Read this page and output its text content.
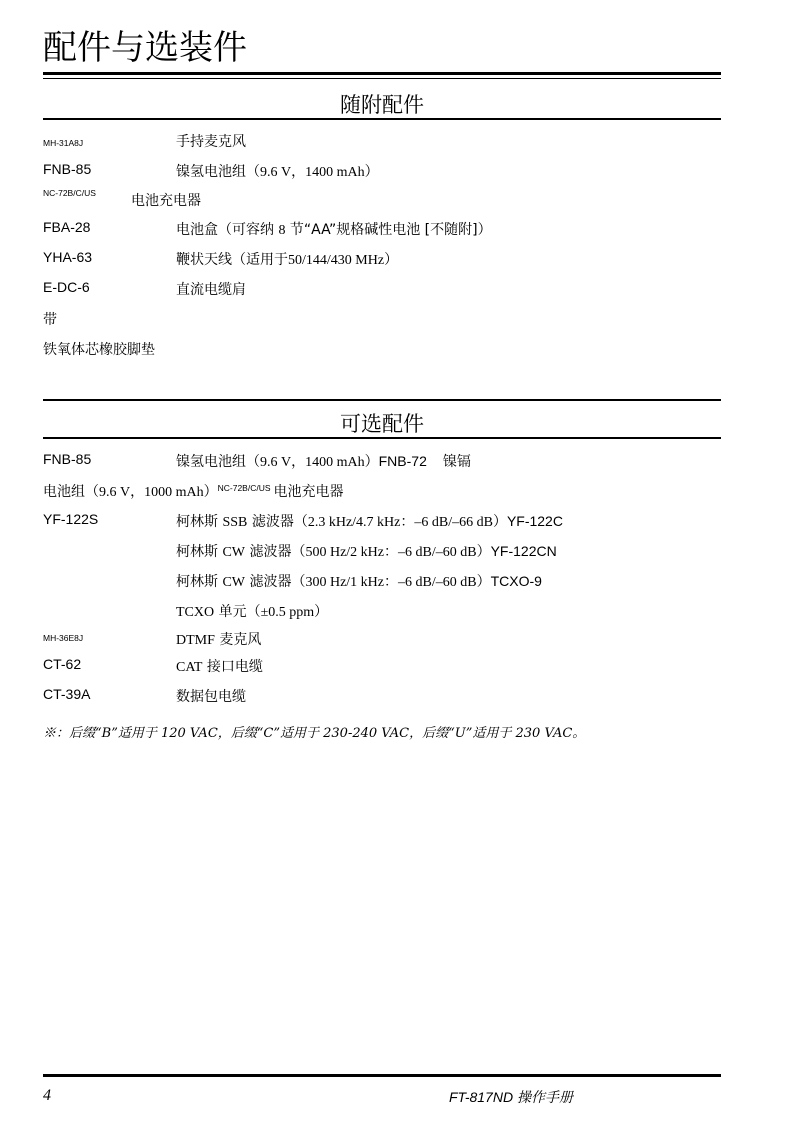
配件与选装件
随附配件
MH-31A8J	手持麦克风
FNB-85	镍氢电池组（9.6 V，1400 mAh）
NC-72B/C/US	电池充电器
FBA-28	电池盒（可容纳 8 节“AA”规格碱性电池 [不随附]）
YHA-63	鞭状天线（适用于50/144/430 MHz）
E-DC-6	直流电缆肩
带
铁氧体芯橡胶脚垫
可选配件
FNB-85	镍氢电池组（9.6 V，1400 mAh）FNB-72 镍镉
电池组（9.6 V，1000 mAh）$^{NC-72B/C/US}$ 电池充电器
YF-122S	柯林斯 SSB 滤波器（2.3 kHz/4.7 kHz：–6 dB/–66 dB）YF-122C
柯林斯 CW 滤波器（500 Hz/2 kHz：–6 dB/–60 dB）YF-122CN
柯林斯 CW 滤波器（300 Hz/1 kHz：–6 dB/–60 dB）TCXO-9
TCXO 单元（±0.5 ppm）
MH-36E8J	DTMF 麦克风
CT-62	CAT 接口电缆
CT-39A	数据包电缆
※：后缀“B”适用于 120 VAC，后缀“C”适用于 230-240 VAC，后缀“U”适用于 230 VAC。
4	FT-817ND 操作手册
